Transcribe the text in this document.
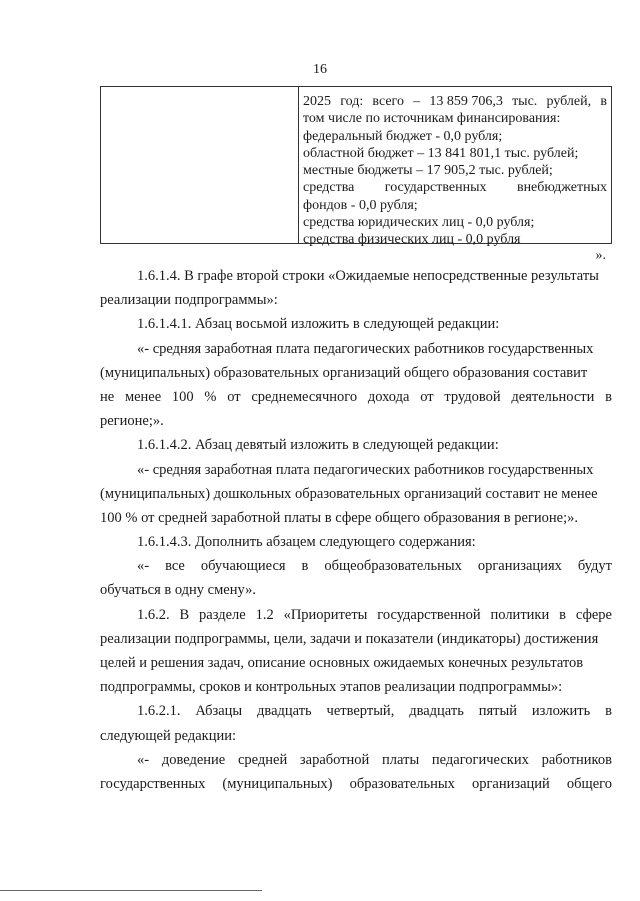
16
2025 год: всего – 13 859 706,3 тыс. рублей, в
том числе по источникам финансирования:
федеральный бюджет - 0,0 рубля;
областной бюджет – 13 841 801,1 тыс. рублей;
местные бюджеты – 17 905,2 тыс. рублей;
средства государственных внебюджетных
фондов - 0,0 рубля;
средства юридических лиц - 0,0 рубля;
средства физических лиц - 0,0 рубля
».
1.6.1.4. В графе второй строки «Ожидаемые непосредственные результаты
реализации подпрограммы»:
1.6.1.4.1. Абзац восьмой изложить в следующей редакции:
«- средняя заработная плата педагогических работников государственных
(муниципальных) образовательных организаций общего образования составит
не менее 100 % от среднемесячного дохода от трудовой деятельности в
регионе;».
1.6.1.4.2. Абзац девятый изложить в следующей редакции:
«- средняя заработная плата педагогических работников государственных
(муниципальных) дошкольных образовательных организаций составит не менее
100 % от средней заработной платы в сфере общего образования в регионе;».
1.6.1.4.3. Дополнить абзацем следующего содержания:
«- все обучающиеся в общеобразовательных организациях будут
обучаться в одну смену».
1.6.2. В разделе 1.2 «Приоритеты государственной политики в сфере
реализации подпрограммы, цели, задачи и показатели (индикаторы) достижения
целей и решения задач, описание основных ожидаемых конечных результатов
подпрограммы, сроков и контрольных этапов реализации подпрограммы»:
1.6.2.1. Абзацы двадцать четвертый, двадцать пятый изложить в
следующей редакции:
«- доведение средней заработной платы педагогических работников
государственных (муниципальных) образовательных организаций общего
